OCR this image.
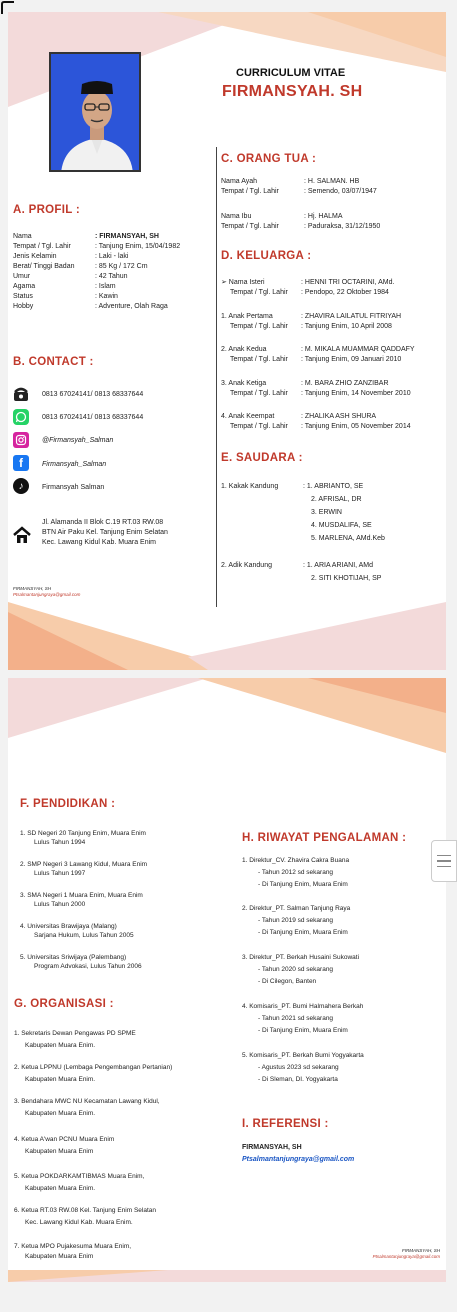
CURRICULUM VITAE
FIRMANSYAH. SH
C. ORANG TUA :
Nama Ayah	: H. SALMAN. HB
Tempat / Tgl. Lahir	: Semendo, 03/07/1947
Nama Ibu	: Hj. HALMA
Tempat / Tgl. Lahir	: Paduraksa, 31/12/1950
A. PROFIL :
Nama	: FIRMANSYAH, SH
Tempat / Tgl. Lahir	: Tanjung Enim, 15/04/1982
Jenis Kelamin	: Laki - laki
Berat/ Tinggi Badan	: 85 Kg / 172 Cm
Umur	: 42 Tahun
Agama	: Islam
Status	: Kawin
Hobby	: Adventure, Olah Raga
D. KELUARGA :
➢ Nama Isteri	: HENNI TRI OCTARINI, AMd.
Tempat / Tgl. Lahir : Pendopo, 22 Oktober 1984
1. Anak Pertama	: ZHAVIRA LAILATUL FITRIYAH
Tempat / Tgl. Lahir : Tanjung Enim, 10 April 2008
2. Anak Kedua	: M. MIKALA MUAMMAR QADDAFY
Tempat / Tgl. Lahir : Tanjung Enim, 09 Januari 2010
3. Anak Ketiga	: M. BARA ZHIO ZANZIBAR
Tempat / Tgl. Lahir : Tanjung Enim, 14 November 2010
4. Anak Keempat	: ZHALIKA ASH SHURA
Tempat / Tgl. Lahir : Tanjung Enim, 05 November 2014
B. CONTACT :
0813 67024141/ 0813 68337644
0813 67024141/ 0813 68337644
@Firmansyah_Salman
f	Firmansyah_Salman
♪	Firmansyah Salman
Jl. Alamanda II Blok C.19 RT.03 RW.08
BTN Air Paku Kel. Tanjung Enim Selatan
Kec. Lawang Kidul Kab. Muara Enim
E. SAUDARA :
1. Kakak Kandung	: 1. ABRIANTO, SE
2. AFRISAL, DR
3. ERWIN
4. MUSDALIFA, SE
5. MARLENA, AMd.Keb
2. Adik Kandung	: 1. ARIA ARIANI, AMd
2. SITI KHOTIJAH, SP
FIRMANSYAH, SH
Ptsalmantanjungraya@gmail.com
F. PENDIDIKAN :
1. SD Negeri 20 Tanjung Enim, Muara Enim
Lulus Tahun 1994
2. SMP Negeri 3 Lawang Kidul, Muara Enim
Lulus Tahun 1997
3. SMA Negeri 1 Muara Enim, Muara Enim
Lulus Tahun 2000
4. Universitas Brawijaya (Malang)
Sarjana Hukum, Lulus Tahun 2005
5. Universitas Sriwijaya (Palembang)
Program Advokasi, Lulus Tahun 2006
G. ORGANISASI :
1. Sekretaris Dewan Pengawas PD SPME
Kabupaten Muara Enim.
2. Ketua LPPNU (Lembaga Pengembangan Pertanian)
Kabupaten Muara Enim.
3. Bendahara MWC NU Kecamatan Lawang Kidul,
Kabupaten Muara Enim.
4. Ketua A'wan PCNU Muara Enim
Kabupaten Muara Enim
5. Ketua POKDARKAMTIBMAS Muara Enim,
Kabupaten Muara Enim.
6. Ketua RT.03 RW.08 Kel. Tanjung Enim Selatan
Kec. Lawang Kidul Kab. Muara Enim.
7. Ketua MPO Pujakesuma Muara Enim,
Kabupaten Muara Enim
H. RIWAYAT PENGALAMAN :
1. Direktur_CV. Zhavira Cakra Buana
- Tahun 2012 sd sekarang
- Di Tanjung Enim, Muara Enim
2. Direktur_PT. Salman Tanjung Raya
- Tahun 2019 sd sekarang
- Di Tanjung Enim, Muara Enim
3. Direktur_PT. Berkah Husaini Sukowati
- Tahun 2020 sd sekarang
- Di Cilegon, Banten
4. Komisaris_PT. Bumi Halmahera Berkah
- Tahun 2021 sd sekarang
- Di Tanjung Enim, Muara Enim
5. Komisaris_PT. Berkah Bumi Yogyakarta
- Agustus 2023 sd sekarang
- Di Sleman, DI. Yogyakarta
I. REFERENSI :
FIRMANSYAH, SH
Ptsalmantanjungraya@gmail.com
FIRMANSYAH, SH
Ptsalmantanjungraya@gmail.com
